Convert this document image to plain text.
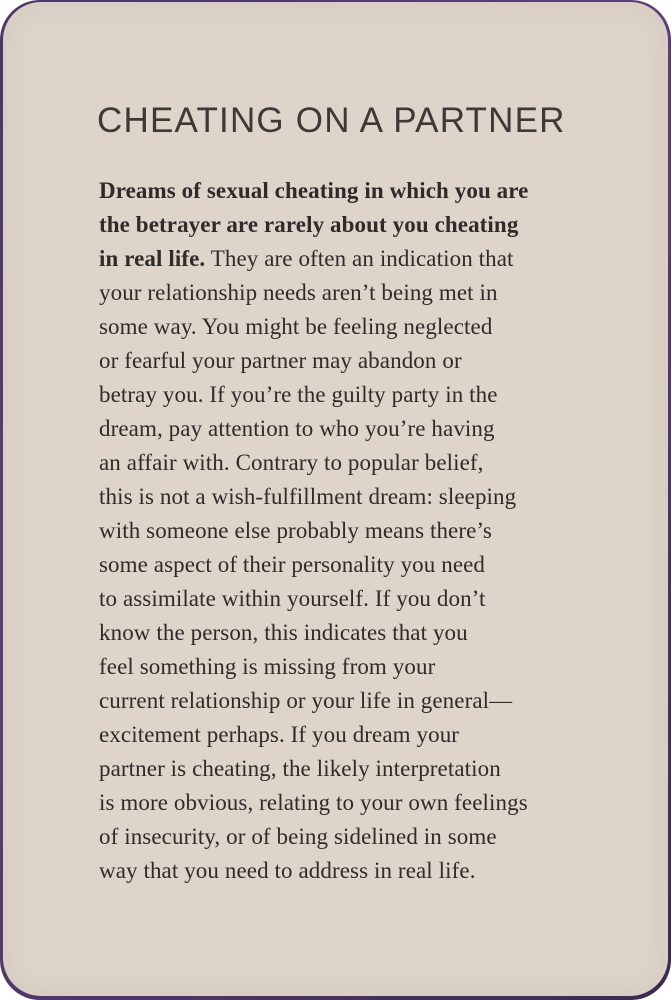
CHEATING ON A PARTNER
Dreams of sexual cheating in which you are
the betrayer are rarely about you cheating
in real life. They are often an indication that
your relationship needs aren’t being met in
some way. You might be feeling neglected
or fearful your partner may abandon or
betray you. If you’re the guilty party in the
dream, pay attention to who you’re having
an affair with. Contrary to popular belief,
this is not a wish-fulfillment dream: sleeping
with someone else probably means there’s
some aspect of their personality you need
to assimilate within yourself. If you don’t
know the person, this indicates that you
feel something is missing from your
current relationship or your life in general—
excitement perhaps. If you dream your
partner is cheating, the likely interpretation
is more obvious, relating to your own feelings
of insecurity, or of being sidelined in some
way that you need to address in real life.
